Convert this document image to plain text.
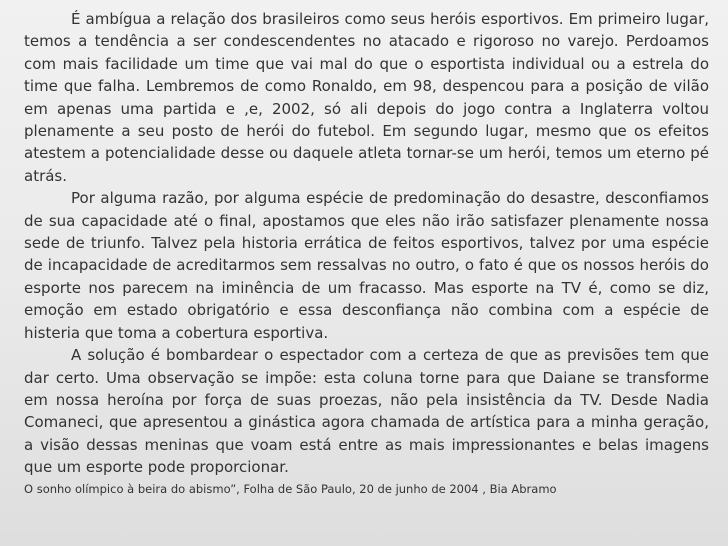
É ambígua a relação dos brasileiros como seus heróis esportivos. Em primeiro lugar, temos a tendência a ser condescendentes no atacado e rigoroso no varejo. Perdoamos com mais facilidade um time que vai mal do que o esportista individual ou a estrela do time que falha. Lembremos de como Ronaldo, em 98, despencou para a posição de vilão em apenas uma partida e ,e, 2002, só ali depois do jogo contra a Inglaterra voltou plenamente a seu posto de herói do futebol. Em segundo lugar, mesmo que os efeitos atestem a potencialidade desse ou daquele atleta tornar-se um herói, temos um eterno pé atrás.

Por alguma razão, por alguma espécie de predominação do desastre, desconfiamos de sua capacidade até o final, apostamos que eles não irão satisfazer plenamente nossa sede de triunfo. Talvez pela historia errática de feitos esportivos, talvez por uma espécie de incapacidade de acreditarmos sem ressalvas no outro, o fato é que os nossos heróis do esporte nos parecem na iminência de um fracasso. Mas esporte na TV é, como se diz, emoção em estado obrigatório e essa desconfiança não combina com a espécie de histeria que toma a cobertura esportiva.

A solução é bombardear o espectador com a certeza de que as previsões tem que dar certo. Uma observação se impõe: esta coluna torne para que Daiane se transforme em nossa heroína por força de suas proezas, não pela insistência da TV. Desde Nadia Comaneci, que apresentou a ginástica agora chamada de artística para a minha geração, a visão dessas meninas que voam está entre as mais impressionantes e belas imagens que um esporte pode proporcionar.

O sonho olímpico à beira do abismo”, Folha de São Paulo, 20 de junho de 2004 , Bia Abramo
